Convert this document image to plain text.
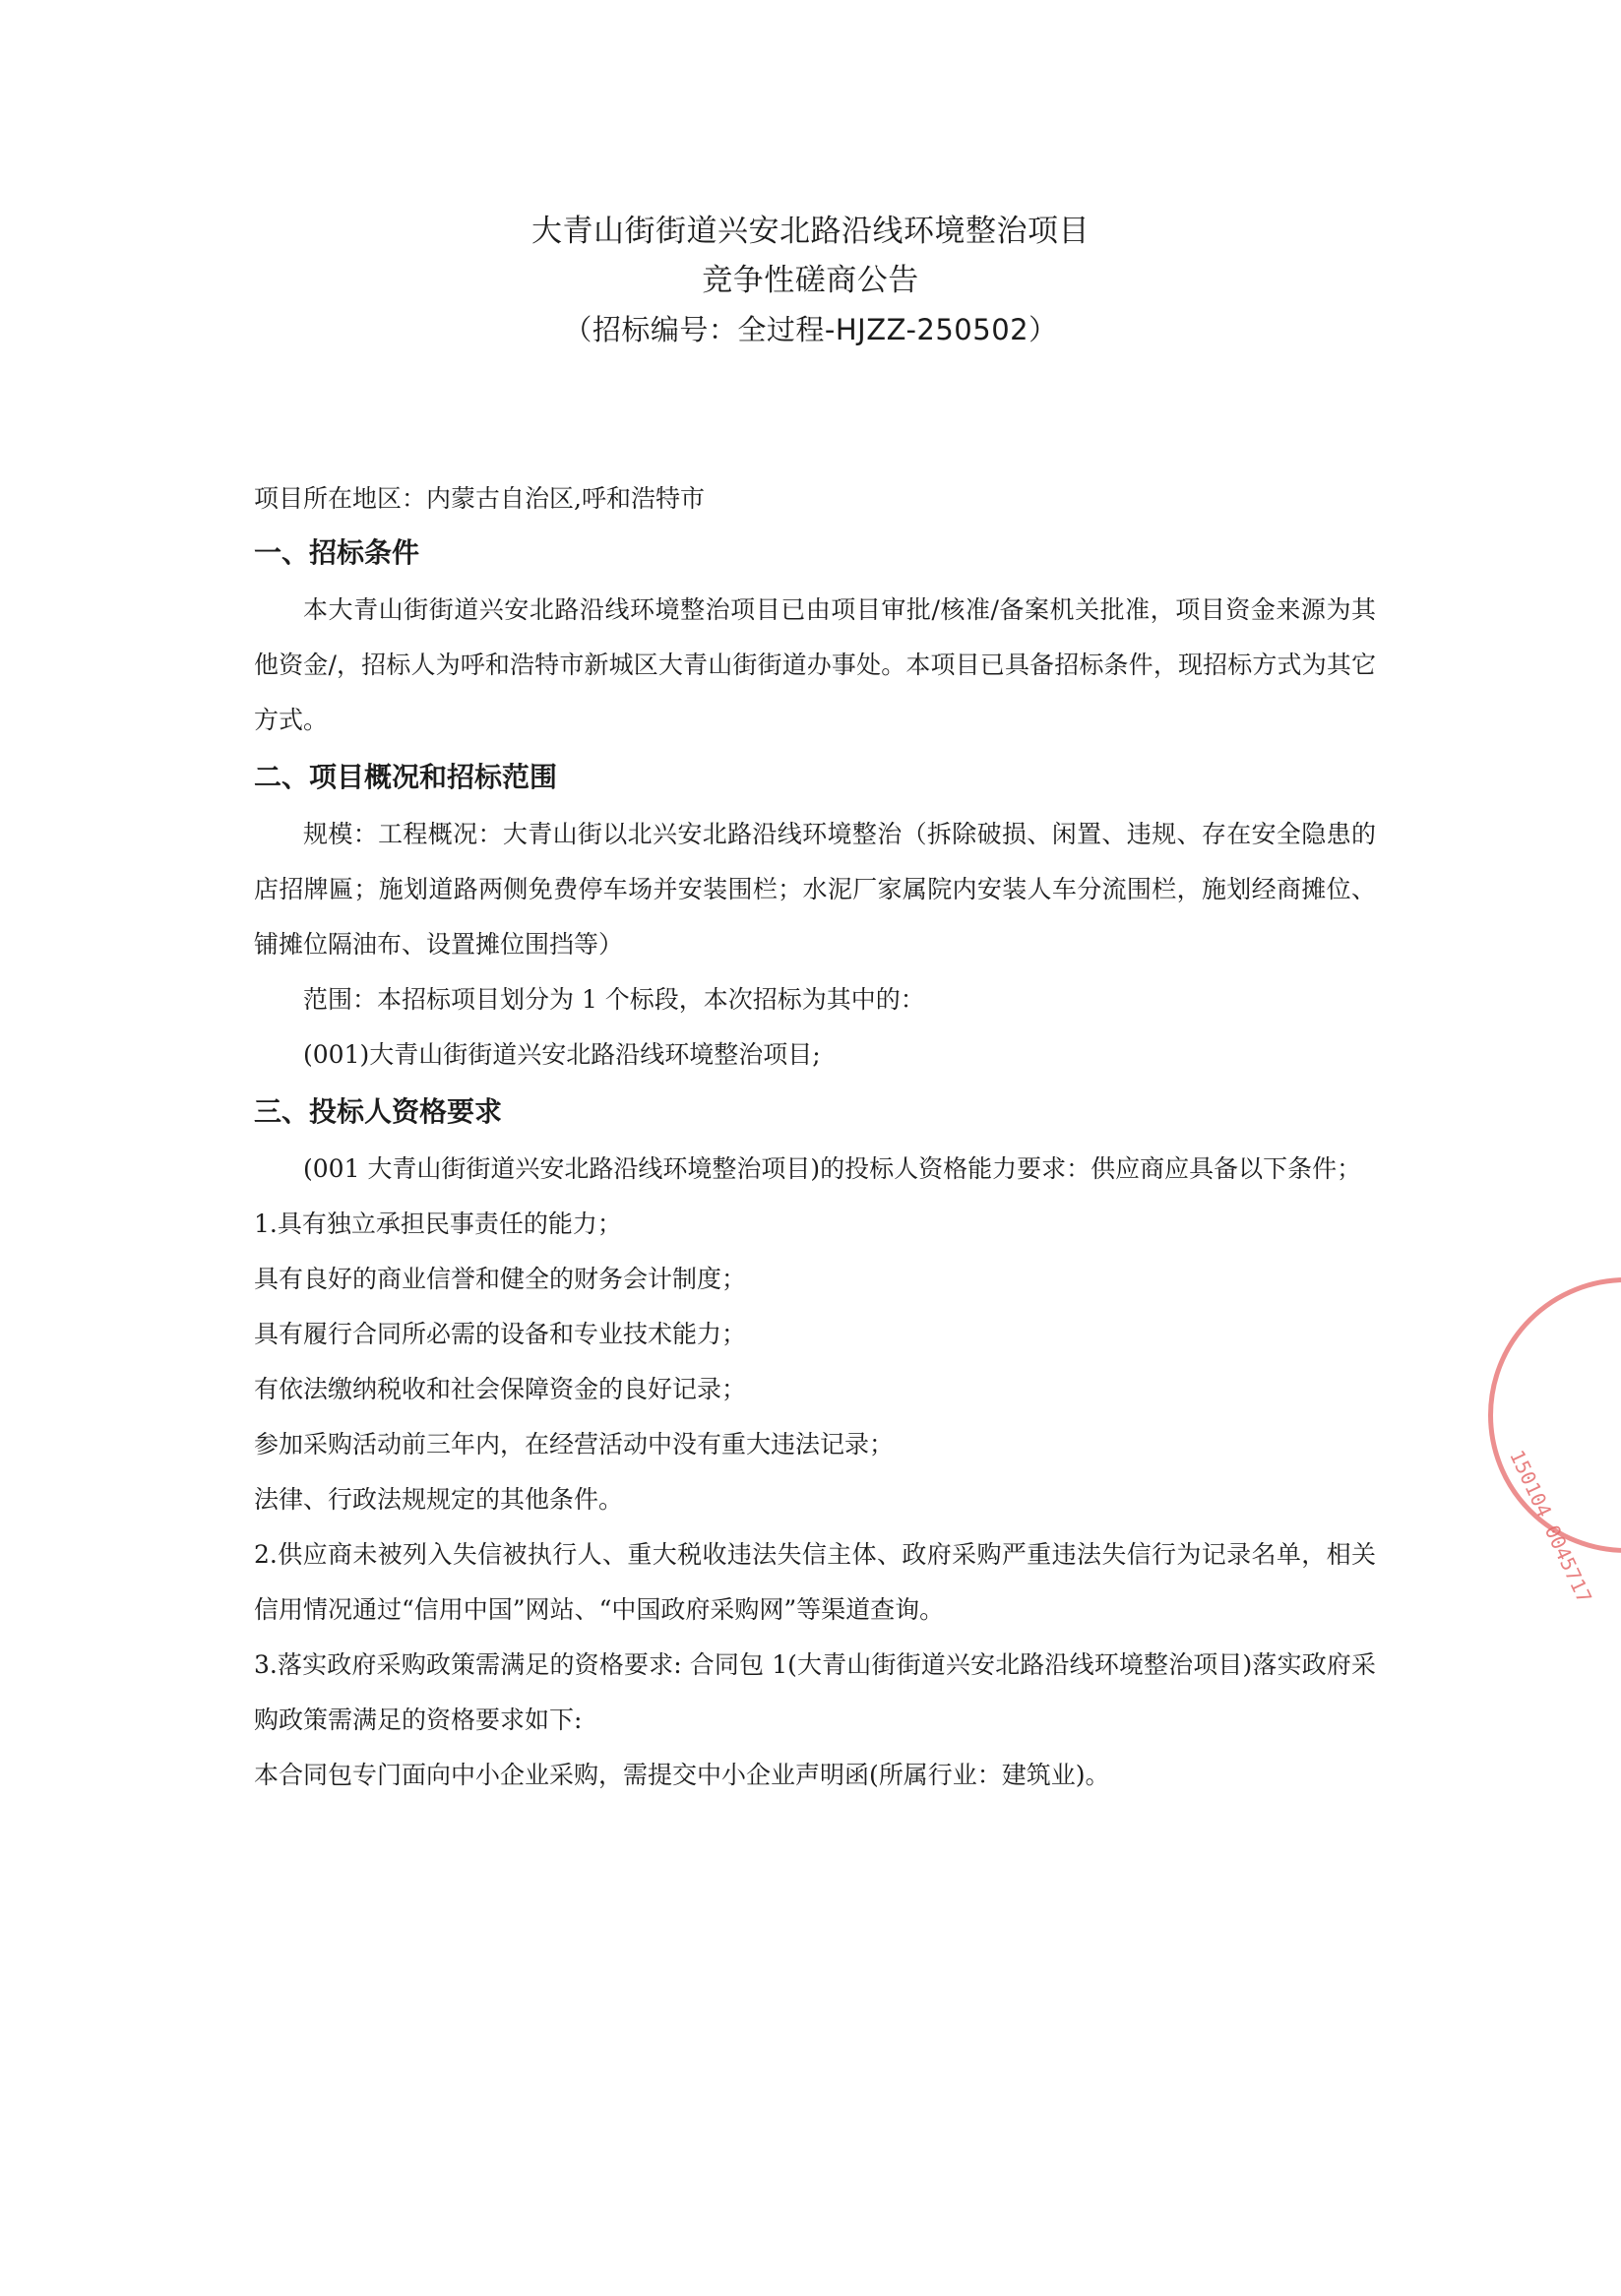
大青山街街道兴安北路沿线环境整治项目
竞争性磋商公告
（招标编号：全过程-HJZZ-250502）
项目所在地区：内蒙古自治区,呼和浩特市
一、招标条件

本大青山街街道兴安北路沿线环境整治项目已由项目审批/核准/备案机关批准，项目资金来源为其他资金/，招标人为呼和浩特市新城区大青山街街道办事处。本项目已具备招标条件，现招标方式为其它方式。

二、项目概况和招标范围

规模：工程概况：大青山街以北兴安北路沿线环境整治（拆除破损、闲置、违规、存在安全隐患的店招牌匾；施划道路两侧免费停车场并安装围栏；水泥厂家属院内安装人车分流围栏，施划经商摊位、铺摊位隔油布、设置摊位围挡等）

范围：本招标项目划分为 1 个标段，本次招标为其中的：

(001)大青山街街道兴安北路沿线环境整治项目;

三、投标人资格要求

(001 大青山街街道兴安北路沿线环境整治项目)的投标人资格能力要求：供应商应具备以下条件；

1.具有独立承担民事责任的能力；
具有良好的商业信誉和健全的财务会计制度；
具有履行合同所必需的设备和专业技术能力；
有依法缴纳税收和社会保障资金的良好记录；
参加采购活动前三年内，在经营活动中没有重大违法记录；
法律、行政法规规定的其他条件。

2.供应商未被列入失信被执行人、重大税收违法失信主体、政府采购严重违法失信行为记录名单，相关信用情况通过“信用中国”网站、“中国政府采购网”等渠道查询。

3.落实政府采购政策需满足的资格要求: 合同包 1(大青山街街道兴安北路沿线环境整治项目)落实政府采购政策需满足的资格要求如下:

本合同包专门面向中小企业采购，需提交中小企业声明函(所属行业：建筑业)。
150104 0045717
